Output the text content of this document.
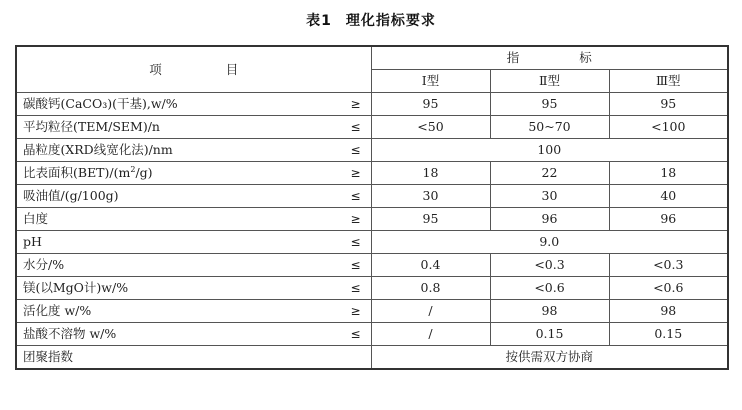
表1 理化指标要求
项 目	指 标		
	Ⅰ型	Ⅱ型	Ⅲ型

碳酸钙(CaCO₃)(干基),w/% ≥	95	95	95

平均粒径(TEM/SEM)/n ≤	<50	50~70	<100

晶粒度(XRD线宽化法)/nm ≤	100		

比表面积$(BET)/(m^2/g)$ ≥	18	22	18

吸油值/(g/100g) ≤	30	30	40

白度 ≥	95	96	96

pH ≤	9.0		

水分/% ≤	0.4	<0.3	<0.3

镁(以MgO计)w/% ≤	0.8	<0.6	<0.6

活化度 w/% ≥	/	98	98

盐酸不溶物 w/% ≤	/	0.15	0.15

团聚指数	按供需双方协商		
